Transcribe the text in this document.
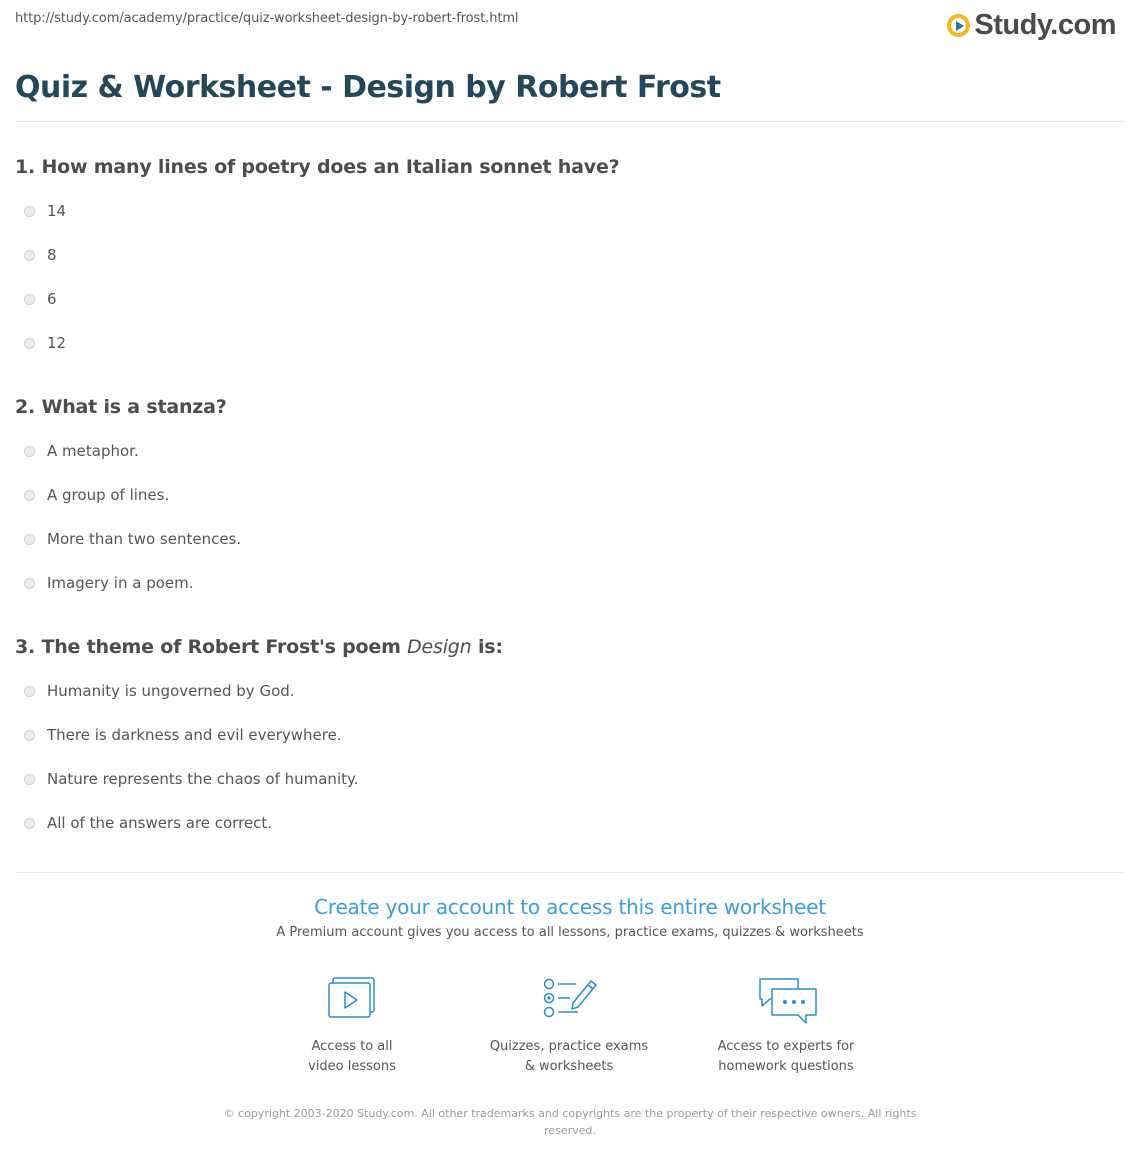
http://study.com/academy/practice/quiz-worksheet-design-by-robert-frost.html	Study.com
Quiz & Worksheet - Design by Robert Frost
1. How many lines of poetry does an Italian sonnet have?
14
8
6
12
2. What is a stanza?
A metaphor.
A group of lines.
More than two sentences.
Imagery in a poem.
3. The theme of Robert Frost's poem Design is:
Humanity is ungoverned by God.
There is darkness and evil everywhere.
Nature represents the chaos of humanity.
All of the answers are correct.
Create your account to access this entire worksheet
A Premium account gives you access to all lessons, practice exams, quizzes & worksheets
Access to all
video lessons
Quizzes, practice exams
& worksheets
Access to experts for
homework questions
© copyright 2003-2020 Study.com. All other trademarks and copyrights are the property of their respective owners. All rights
reserved.
